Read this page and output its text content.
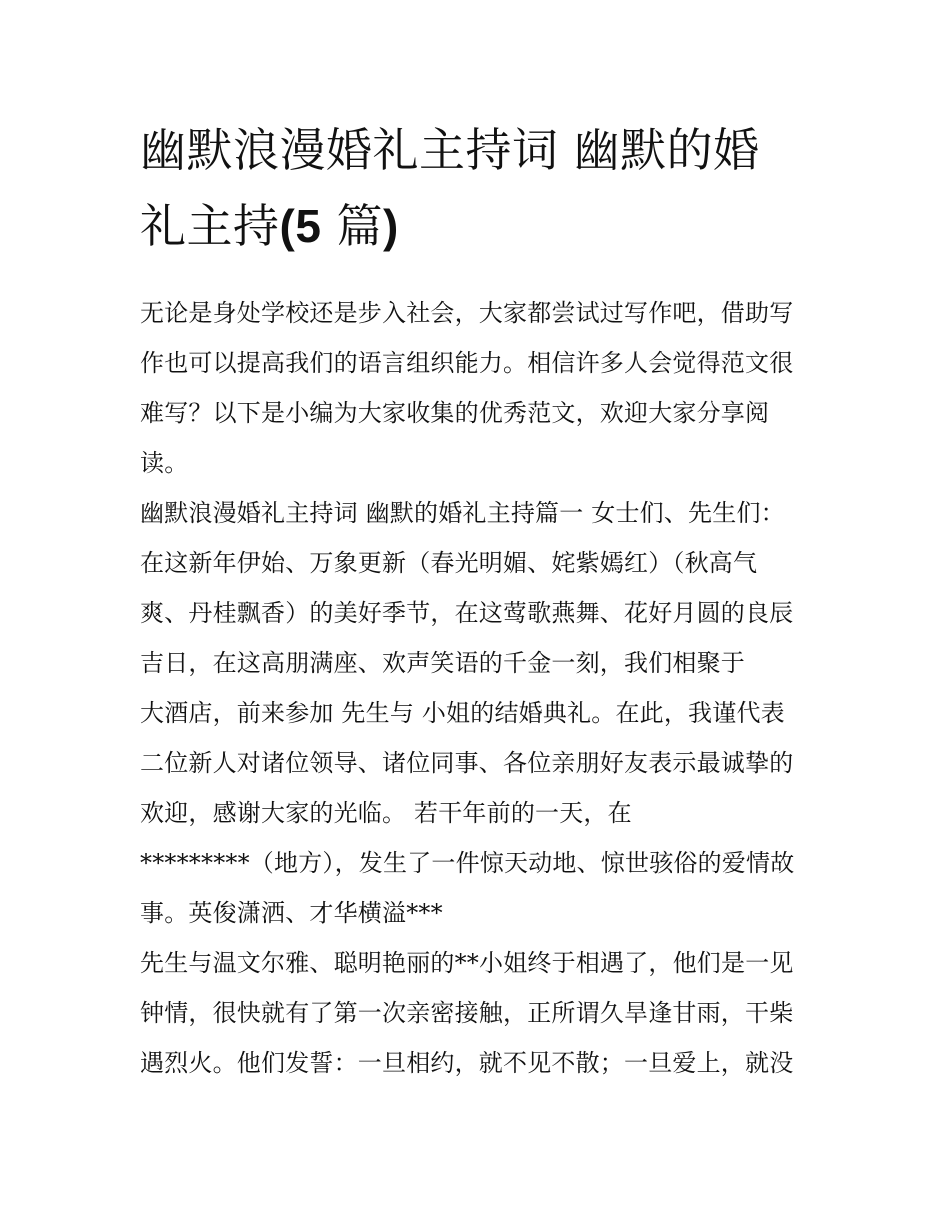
幽默浪漫婚礼主持词 幽默的婚
礼主持(5 篇)

无论是身处学校还是步入社会，大家都尝试过写作吧，借助写

作也可以提高我们的语言组织能力。相信许多人会觉得范文很

难写？以下是小编为大家收集的优秀范文，欢迎大家分享阅

读。

幽默浪漫婚礼主持词 幽默的婚礼主持篇一 女士们、先生们：

在这新年伊始、万象更新（春光明媚、姹紫嫣红）（秋高气

爽、丹桂飘香）的美好季节，在这莺歌燕舞、花好月圆的良辰

吉日，在这高朋满座、欢声笑语的千金一刻，我们相聚于

大酒店，前来参加 先生与 小姐的结婚典礼。在此，我谨代表

二位新人对诸位领导、诸位同事、各位亲朋好友表示最诚挚的

欢迎，感谢大家的光临。 若干年前的一天，在

*********（地方），发生了一件惊天动地、惊世骇俗的爱情故

事。英俊潇洒、才华横溢***

先生与温文尔雅、聪明艳丽的**小姐终于相遇了，他们是一见

钟情，很快就有了第一次亲密接触，正所谓久旱逢甘雨，干柴

遇烈火。他们发誓：一旦相约，就不见不散；一旦爱上，就没
